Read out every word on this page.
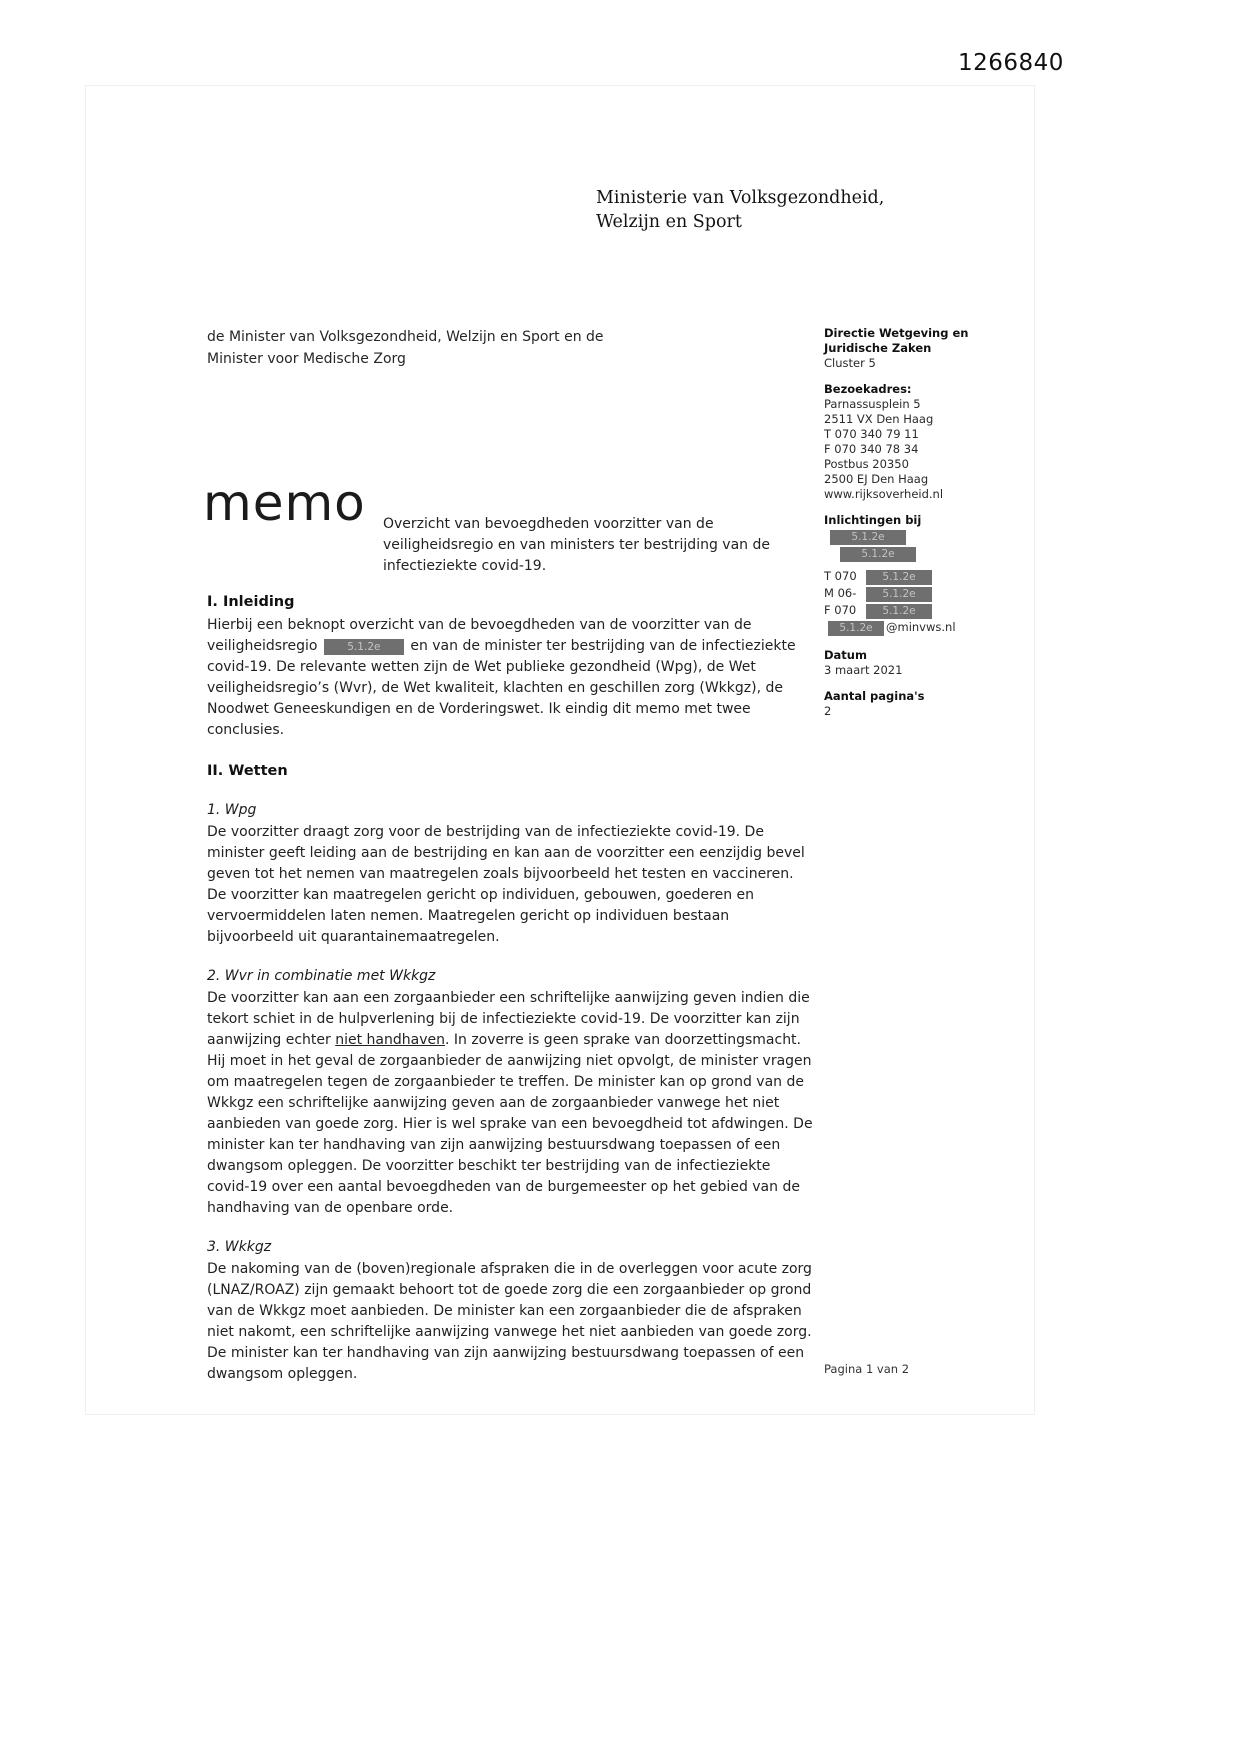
1266840
Ministerie van Volksgezondheid,
Welzijn en Sport
de Minister van Volksgezondheid, Welzijn en Sport en de
Minister voor Medische Zorg
Directie Wetgeving en
Juridische Zaken
Cluster 5
Bezoekadres:
Parnassusplein 5
2511 VX Den Haag
T 070 340 79 11
F 070 340 78 34
Postbus 20350
2500 EJ Den Haag
www.rijksoverheid.nl
Inlichtingen bij
5.1.2e
5.1.2e
T 070 5.1.2e
M 06- 5.1.2e
F 070 5.1.2e
5.1.2e @minvws.nl
Datum
3 maart 2021
Aantal pagina's
2
memo Overzicht van bevoegdheden voorzitter van de veiligheidsregio en van ministers ter bestrijding van de infectieziekte covid-19.
I. Inleiding

Hierbij een beknopt overzicht van de bevoegdheden van de voorzitter van de veiligheidsregio	5.1.2e en van de minister ter bestrijding van de infectieziekte covid-19. De relevante wetten zijn de Wet publieke gezondheid (Wpg), de Wet veiligheidsregio’s (Wvr), de Wet kwaliteit, klachten en geschillen zorg (Wkkgz), de Noodwet Geneeskundigen en de Vorderingswet. Ik eindig dit memo met twee conclusies.

II. Wetten
1. Wpg

De voorzitter draagt zorg voor de bestrijding van de infectieziekte covid-19. De minister geeft leiding aan de bestrijding en kan aan de voorzitter een eenzijdig bevel geven tot het nemen van maatregelen zoals bijvoorbeeld het testen en vaccineren. De voorzitter kan maatregelen gericht op individuen, gebouwen, goederen en vervoermiddelen laten nemen. Maatregelen gericht op individuen bestaan bijvoorbeeld uit quarantainemaatregelen.

2. Wvr in combinatie met Wkkgz

De voorzitter kan aan een zorgaanbieder een schriftelijke aanwijzing geven indien die tekort schiet in de hulpverlening bij de infectieziekte covid-19. De voorzitter kan zijn aanwijzing echter niet handhaven. In zoverre is geen sprake van doorzettingsmacht. Hij moet in het geval de zorgaanbieder de aanwijzing niet opvolgt, de minister vragen om maatregelen tegen de zorgaanbieder te treffen. De minister kan op grond van de Wkkgz een schriftelijke aanwijzing geven aan de zorgaanbieder vanwege het niet aanbieden van goede zorg. Hier is wel sprake van een bevoegdheid tot afdwingen. De minister kan ter handhaving van zijn aanwijzing bestuursdwang toepassen of een dwangsom opleggen. De voorzitter beschikt ter bestrijding van de infectieziekte covid-19 over een aantal bevoegdheden van de burgemeester op het gebied van de handhaving van de openbare orde.

3. Wkkgz

De nakoming van de (boven)regionale afspraken die in de overleggen voor acute zorg (LNAZ/ROAZ) zijn gemaakt behoort tot de goede zorg die een zorgaanbieder op grond van de Wkkgz moet aanbieden. De minister kan een zorgaanbieder die de afspraken niet nakomt, een schriftelijke aanwijzing vanwege het niet aanbieden van goede zorg. De minister kan ter handhaving van zijn aanwijzing bestuursdwang toepassen of een dwangsom opleggen.	Pagina 1 van 2
